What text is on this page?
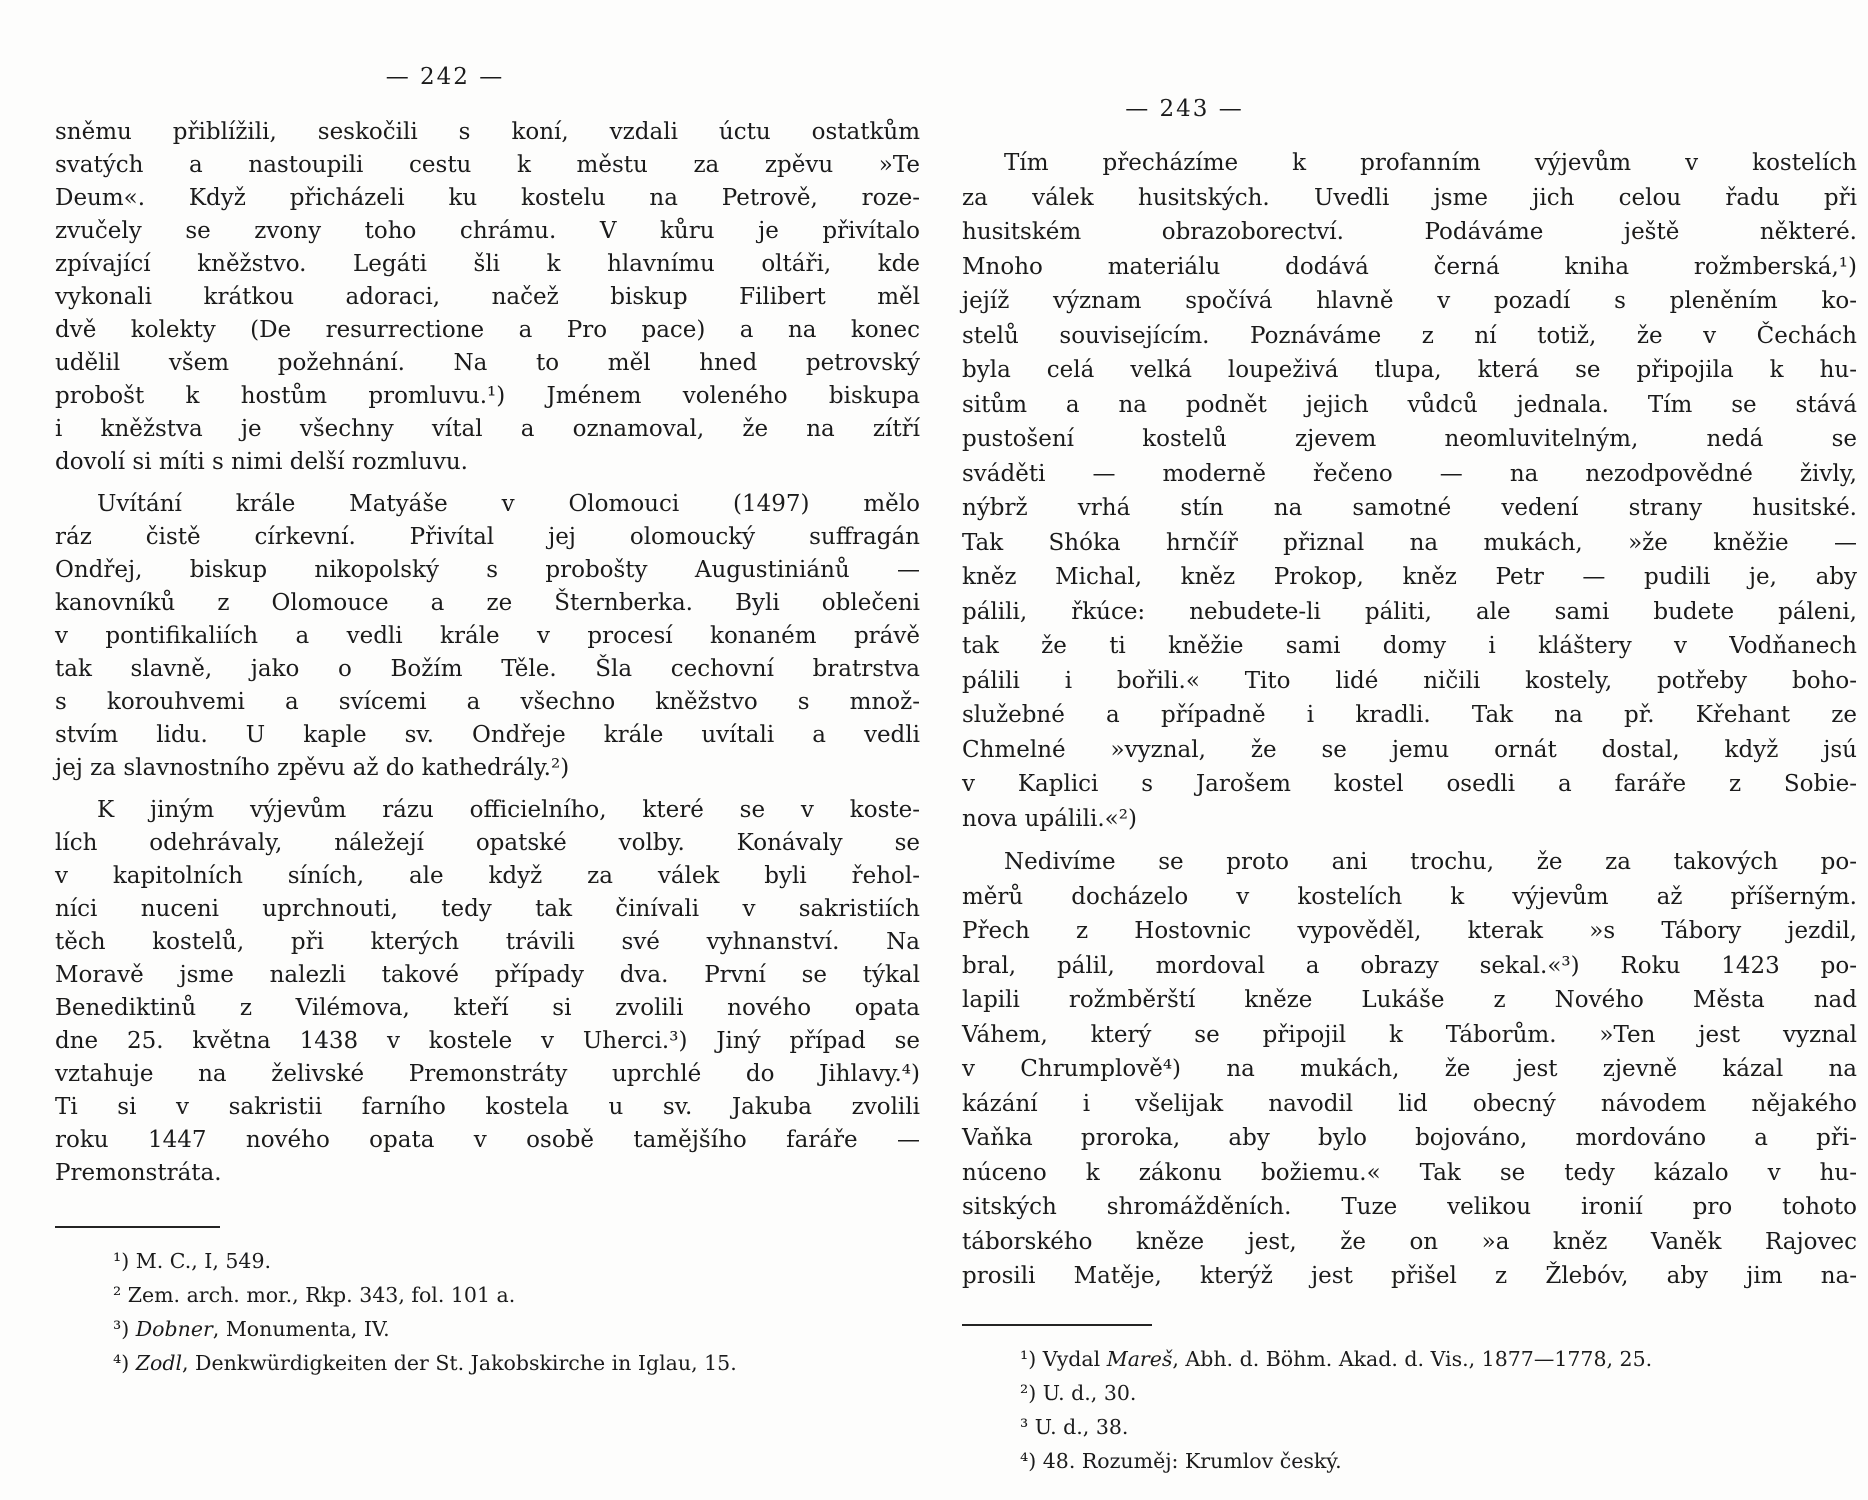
— 242 —
sněmu přiblížili, seskočili s koní, vzdali úctu ostatkům
svatých a nastoupili cestu k městu za zpěvu »Te
Deum«. Když přicházeli ku kostelu na Petrově, roze-
zvučely se zvony toho chrámu. V kůru je přivítalo
zpívající kněžstvo. Legáti šli k hlavnímu oltáři, kde
vykonali krátkou adoraci, načež biskup Filibert měl
dvě kolekty (De resurrectione a Pro pace) a na konec
udělil všem požehnání. Na to měl hned petrovský
probošt k hostům promluvu.¹) Jménem voleného biskupa
i kněžstva je všechny vítal a oznamoval, že na zítří
dovolí si míti s nimi delší rozmluvu.
Uvítání krále Matyáše v Olomouci (1497) mělo
ráz čistě církevní. Přivítal jej olomoucký suffragán
Ondřej, biskup nikopolský s probošty Augustiniánů —
kanovníků z Olomouce a ze Šternberka. Byli oblečeni
v pontifikaliích a vedli krále v procesí konaném právě
tak slavně, jako o Božím Těle. Šla cechovní bratrstva
s korouhvemi a svícemi a všechno kněžstvo s množ-
stvím lidu. U kaple sv. Ondřeje krále uvítali a vedli
jej za slavnostního zpěvu až do kathedrály.²)
K jiným výjevům rázu officielního, které se v koste-
lích odehrávaly, náležejí opatské volby. Konávaly se
v kapitolních síních, ale když za válek byli řehol-
níci nuceni uprchnouti, tedy tak činívali v sakristiích
těch kostelů, při kterých trávili své vyhnanství. Na
Moravě jsme nalezli takové případy dva. První se týkal
Benediktinů z Vilémova, kteří si zvolili nového opata
dne 25. května 1438 v kostele v Uherci.³) Jiný případ se
vztahuje na želivské Premonstráty uprchlé do Jihlavy.⁴)
Ti si v sakristii farního kostela u sv. Jakuba zvolili
roku 1447 nového opata v osobě tamějšího faráře —
Premonstráta.
¹) M. C., I, 549.
² Zem. arch. mor., Rkp. 343, fol. 101 a.
³) Dobner, Monumenta, IV.
⁴) Zodl, Denkwürdigkeiten der St. Jakobskirche in Iglau, 15.
— 243 —
Tím přecházíme k profanním výjevům v kostelích
za válek husitských. Uvedli jsme jich celou řadu při
husitském obrazoborectví. Podáváme ještě některé.
Mnoho materiálu dodává černá kniha rožmberská,¹)
jejíž význam spočívá hlavně v pozadí s pleněním ko-
stelů souvisejícím. Poznáváme z ní totiž, že v Čechách
byla celá velká loupeživá tlupa, která se připojila k hu-
sitům a na podnět jejich vůdců jednala. Tím se stává
pustošení kostelů zjevem neomluvitelným, nedá se
sváděti — moderně řečeno — na nezodpovědné živly,
nýbrž vrhá stín na samotné vedení strany husitské.
Tak Shóka hrnčíř přiznal na mukách, »že kněžie —
kněz Michal, kněz Prokop, kněz Petr — pudili je, aby
pálili, řkúce: nebudete-li páliti, ale sami budete páleni,
tak že ti kněžie sami domy i kláštery v Vodňanech
pálili i bořili.« Tito lidé ničili kostely, potřeby boho-
služebné a případně i kradli. Tak na př. Křehant ze
Chmelné »vyznal, že se jemu ornát dostal, když jsú
v Kaplici s Jarošem kostel osedli a faráře z Sobie-
nova upálili.«²)
Nedivíme se proto ani trochu, že za takových po-
měrů docházelo v kostelích k výjevům až příšerným.
Přech z Hostovnic vypověděl, kterak »s Tábory jezdil,
bral, pálil, mordoval a obrazy sekal.«³) Roku 1423 po-
lapili rožmběrští kněze Lukáše z Nového Města nad
Váhem, který se připojil k Táborům. »Ten jest vyznal
v Chrumplově⁴) na mukách, že jest zjevně kázal na
kázání i všelijak navodil lid obecný návodem nějakého
Vaňka proroka, aby bylo bojováno, mordováno a při-
núceno k zákonu božiemu.« Tak se tedy kázalo v hu-
sitských shromážděních. Tuze velikou ironií pro tohoto
táborského kněze jest, že on »a kněz Vaněk Rajovec
prosili Matěje, kterýž jest přišel z Žlebóv, aby jim na-
¹) Vydal Mareš, Abh. d. Böhm. Akad. d. Vis., 1877—1778, 25.
²) U. d., 30.
³ U. d., 38.
⁴) 48. Rozuměj: Krumlov český.
